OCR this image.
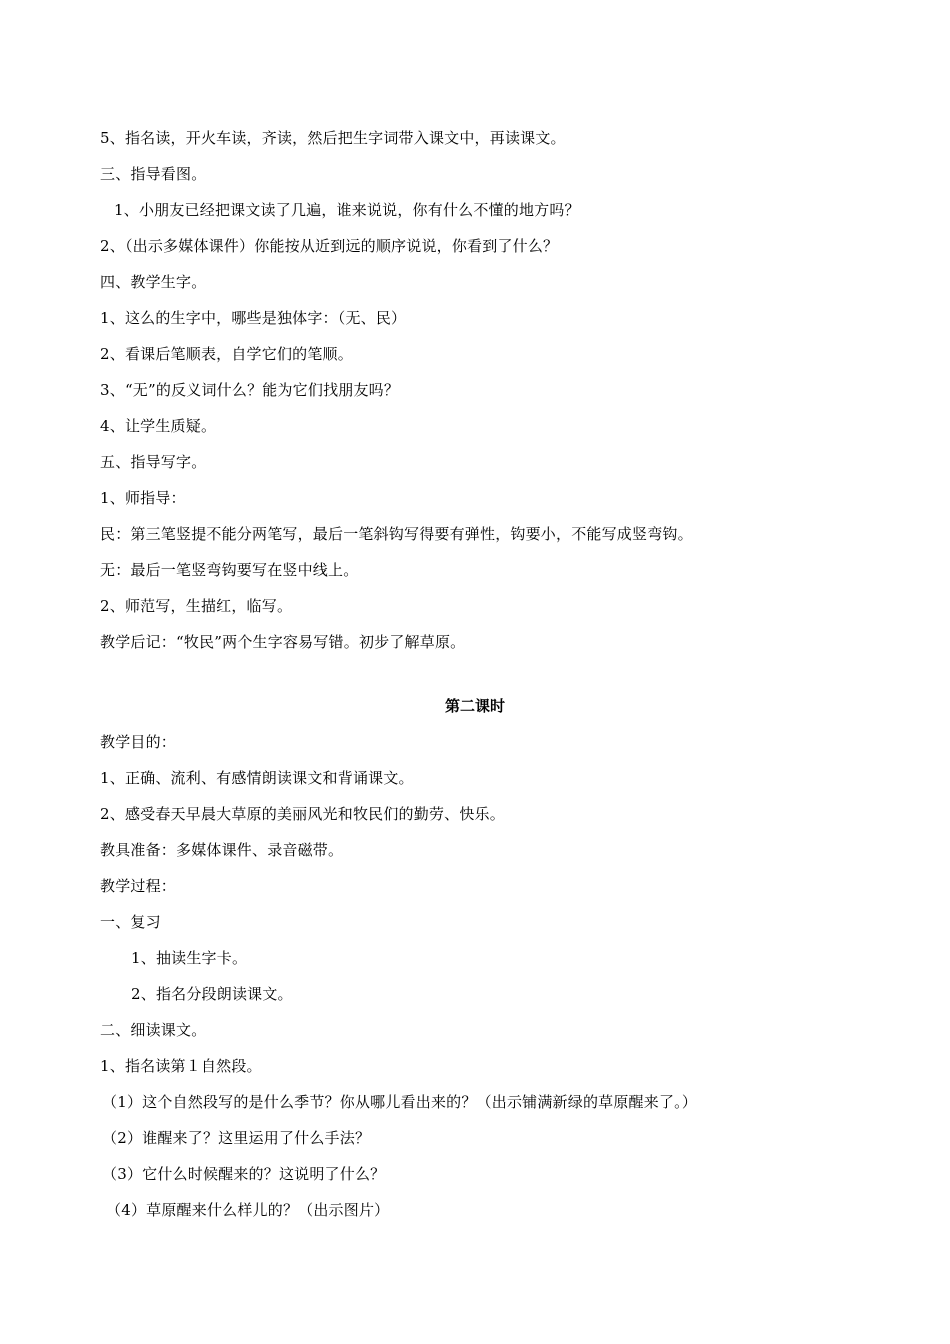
5、指名读，开火车读，齐读，然后把生字词带入课文中，再读课文。
三、指导看图。
1、小朋友已经把课文读了几遍，谁来说说，你有什么不懂的地方吗？
2、（出示多媒体课件）你能按从近到远的顺序说说，你看到了什么？
四、教学生字。
1、这么的生字中，哪些是独体字：（无、民）
2、看课后笔顺表，自学它们的笔顺。
3、“无”的反义词什么？能为它们找朋友吗？
4、让学生质疑。
五、指导写字。
1、师指导：
民：第三笔竖提不能分两笔写，最后一笔斜钩写得要有弹性，钩要小，不能写成竖弯钩。
无：最后一笔竖弯钩要写在竖中线上。
2、师范写，生描红，临写。
教学后记：“牧民”两个生字容易写错。初步了解草原。
第二课时
教学目的：
1、正确、流利、有感情朗读课文和背诵课文。
2、感受春天早晨大草原的美丽风光和牧民们的勤劳、快乐。
教具准备：多媒体课件、录音磁带。
教学过程：
一、复习
1、抽读生字卡。
2、指名分段朗读课文。
二、细读课文。
1、指名读第１自然段。
（1）这个自然段写的是什么季节？你从哪儿看出来的？（出示铺满新绿的草原醒来了。）
（2）谁醒来了？这里运用了什么手法？
（3）它什么时候醒来的？这说明了什么？
（4）草原醒来什么样儿的？（出示图片）
